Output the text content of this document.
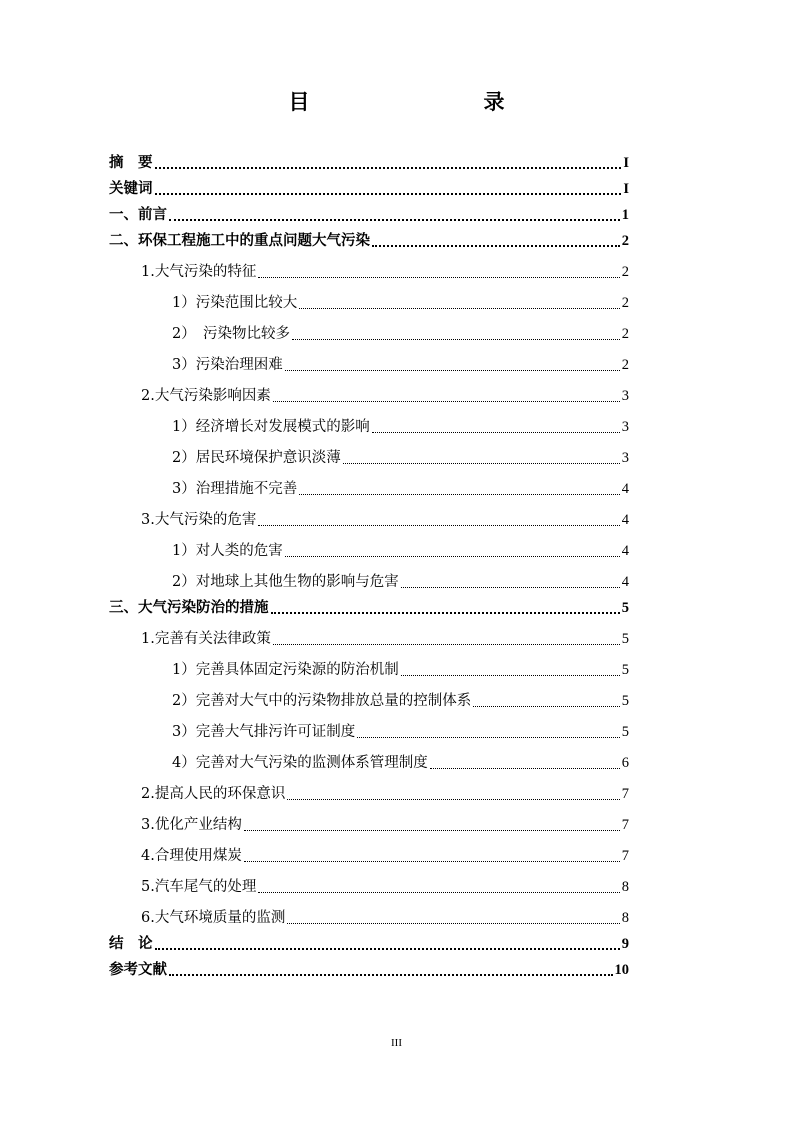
目　　录
摘　要	I
关键词	I
一、前言	1
二、环保工程施工中的重点问题大气污染	2
1.大气污染的特征	2
1）污染范围比较大	2
2）　污染物比较多	2
3）污染治理困难	2
2.大气污染影响因素	3
1）经济增长对发展模式的影响	3
2）居民环境保护意识淡薄	3
3）治理措施不完善	4
3.大气污染的危害	4
1）对人类的危害	4
2）对地球上其他生物的影响与危害	4
三、大气污染防治的措施	5
1.完善有关法律政策	5
1）完善具体固定污染源的防治机制	5
2）完善对大气中的污染物排放总量的控制体系	5
3）完善大气排污许可证制度	5
4）完善对大气污染的监测体系管理制度	6
2.提高人民的环保意识	7
3.优化产业结构	7
4.合理使用煤炭	7
5.汽车尾气的处理	8
6.大气环境质量的监测	8
结　论	9
参考文献	10
III
